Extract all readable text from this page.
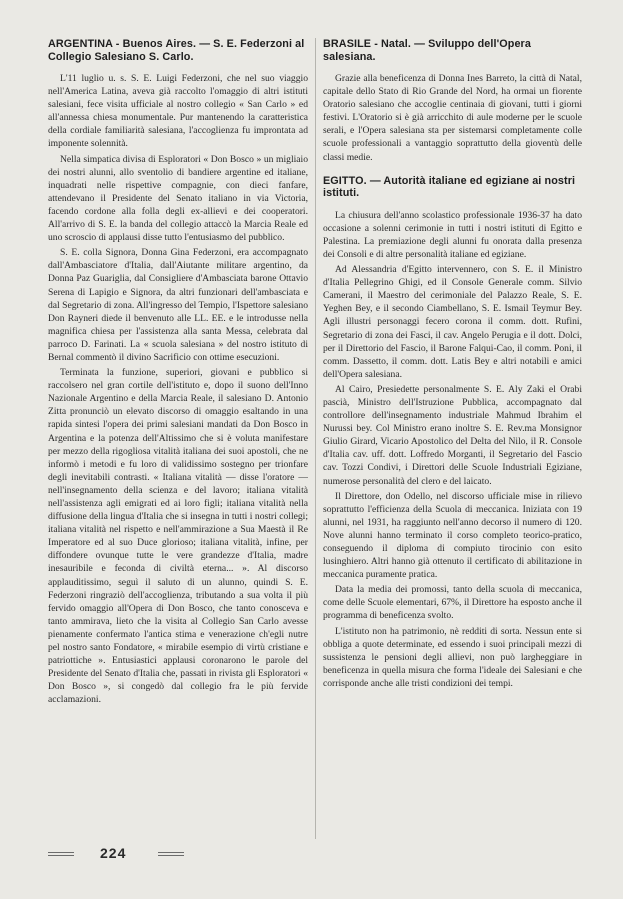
ARGENTINA - Buenos Aires. — S. E. Federzoni al Collegio Salesiano S. Carlo.

L'11 luglio u. s. S. E. Luigi Federzoni, che nel suo viaggio nell'America Latina, aveva già raccolto l'omaggio di altri istituti salesiani, fece visita ufficiale al nostro collegio « San Carlo » ed all'annessa chiesa monumentale. Pur mantenendo la caratteristica della cordiale familiarità salesiana, l'accoglienza fu improntata ad imponente solennità.

Nella simpatica divisa di Esploratori « Don Bosco » un migliaio dei nostri alunni, allo sventolio di bandiere argentine ed italiane, inquadrati nelle rispettive compagnie, con dieci fanfare, attendevano il Presidente del Senato italiano in via Victoria, facendo cordone alla folla degli ex-allievi e dei cooperatori. All'arrivo di S. E. la banda del collegio attaccò la Marcia Reale ed uno scroscio di applausi disse tutto l'entusiasmo del pubblico.

S. E. colla Signora, Donna Gina Federzoni, era accompagnato dall'Ambasciatore d'Italia, dall'Aiutante militare argentino, da Donna Paz Guariglia, dal Consigliere d'Ambasciata barone Ottavio Serena di Lapigio e Signora, da altri funzionari dell'ambasciata e dal Segretario di zona. All'ingresso del Tempio, l'Ispettore salesiano Don Rayneri diede il benvenuto alle LL. EE. e le introdusse nella magnifica chiesa per l'assistenza alla santa Messa, celebrata dal parroco D. Farinati. La « scuola salesiana » del nostro istituto di Bernal commentò il divino Sacrificio con ottime esecuzioni.

Terminata la funzione, superiori, giovani e pubblico si raccolsero nel gran cortile dell'istituto e, dopo il suono dell'Inno Nazionale Argentino e della Marcia Reale, il salesiano D. Antonio Zitta pronunciò un elevato discorso di omaggio esaltando in una rapida sintesi l'opera dei primi salesiani mandati da Don Bosco in Argentina e la potenza dell'Altissimo che si è voluta manifestare per mezzo della rigogliosa vitalità italiana dei suoi apostoli, che ne informò i metodi e fu loro di validissimo sostegno per trionfare degli inevitabili contrasti. « Italiana vitalità — disse l'oratore — nell'insegnamento della scienza e del lavoro; italiana vitalità nell'assistenza agli emigrati ed ai loro figli; italiana vitalità nella diffusione della lingua d'Italia che si insegna in tutti i nostri collegi; italiana vitalità nel rispetto e nell'ammirazione a Sua Maestà il Re Imperatore ed al suo Duce glorioso; italiana vitalità, infine, per diffondere ovunque tutte le vere grandezze d'Italia, madre inesauribile e feconda di civiltà eterna... ». Al discorso applauditissimo, seguì il saluto di un alunno, quindi S. E. Federzoni ringraziò dell'accoglienza, tributando a sua volta il più fervido omaggio all'Opera di Don Bosco, che tanto conosceva e tanto ammirava, lieto che la visita al Collegio San Carlo avesse pienamente confermato l'antica stima e venerazione ch'egli nutre pel nostro santo Fondatore, « mirabile esempio di virtù cristiane e patriottiche ». Entusiastici applausi coronarono le parole del Presidente del Senato d'Italia che, passati in rivista gli Esploratori « Don Bosco », si congedò dal collegio fra le più fervide acclamazioni.

BRASILE - Natal. — Sviluppo dell'Opera salesiana.

Grazie alla beneficenza di Donna Ines Barreto, la città di Natal, capitale dello Stato di Rio Grande del Nord, ha ormai un fiorente Oratorio salesiano che accoglie centinaia di giovani, tutti i giorni festivi. L'Oratorio si è già arricchito di aule moderne per le scuole serali, e l'Opera salesiana sta per sistemarsi completamente colle scuole professionali a vantaggio soprattutto della gioventù delle classi medie.

EGITTO. — Autorità italiane ed egiziane ai nostri istituti.

La chiusura dell'anno scolastico professionale 1936-37 ha dato occasione a solenni cerimonie in tutti i nostri istituti di Egitto e Palestina. La premiazione degli alunni fu onorata dalla presenza dei Consoli e di altre personalità italiane ed egiziane.

Ad Alessandria d'Egitto intervennero, con S. E. il Ministro d'Italia Pellegrino Ghigi, ed il Console Generale comm. Silvio Camerani, il Maestro del cerimoniale del Palazzo Reale, S. E. Yeghen Bey, e il secondo Ciambellano, S. E. Ismail Teymur Bey. Agli illustri personaggi fecero corona il comm. dott. Rufini, Segretario di zona dei Fasci, il cav. Angelo Perugia e il dott. Dolci, per il Direttorio del Fascio, il Barone Falqui-Cao, il comm. Poni, il comm. Dassetto, il comm. dott. Latis Bey e altri notabili e amici dell'Opera salesiana.

Al Cairo, Presiedette personalmente S. E. Aly Zaki el Orabi pascià, Ministro dell'Istruzione Pubblica, accompagnato dal controllore dell'insegnamento industriale Mahmud Ibrahim el Nurussi bey. Col Ministro erano inoltre S. E. Rev.ma Monsignor Giulio Girard, Vicario Apostolico del Delta del Nilo, il R. Console d'Italia cav. uff. dott. Loffredo Morganti, il Segretario del Fascio cav. Tozzi Condivi, i Direttori delle Scuole Industriali Egiziane, numerose personalità del clero e del laicato.

Il Direttore, don Odello, nel discorso ufficiale mise in rilievo soprattutto l'efficienza della Scuola di meccanica. Iniziata con 19 alunni, nel 1931, ha raggiunto nell'anno decorso il numero di 120. Nove alunni hanno terminato il corso completo teorico-pratico, conseguendo il diploma di compiuto tirocinio con esito lusinghiero. Altri hanno già ottenuto il certificato di abilitazione in meccanica puramente pratica.

Data la media dei promossi, tanto della scuola di meccanica, come delle Scuole elementari, 67%, il Direttore ha esposto anche il programma di beneficenza svolto.

L'istituto non ha patrimonio, nè redditi di sorta. Nessun ente si obbliga a quote determinate, ed essendo i suoi principali mezzi di sussistenza le pensioni degli allievi, non può largheggiare in beneficenza in quella misura che forma l'ideale dei Salesiani e che corrisponde anche alle tristi condizioni dei tempi.

224
